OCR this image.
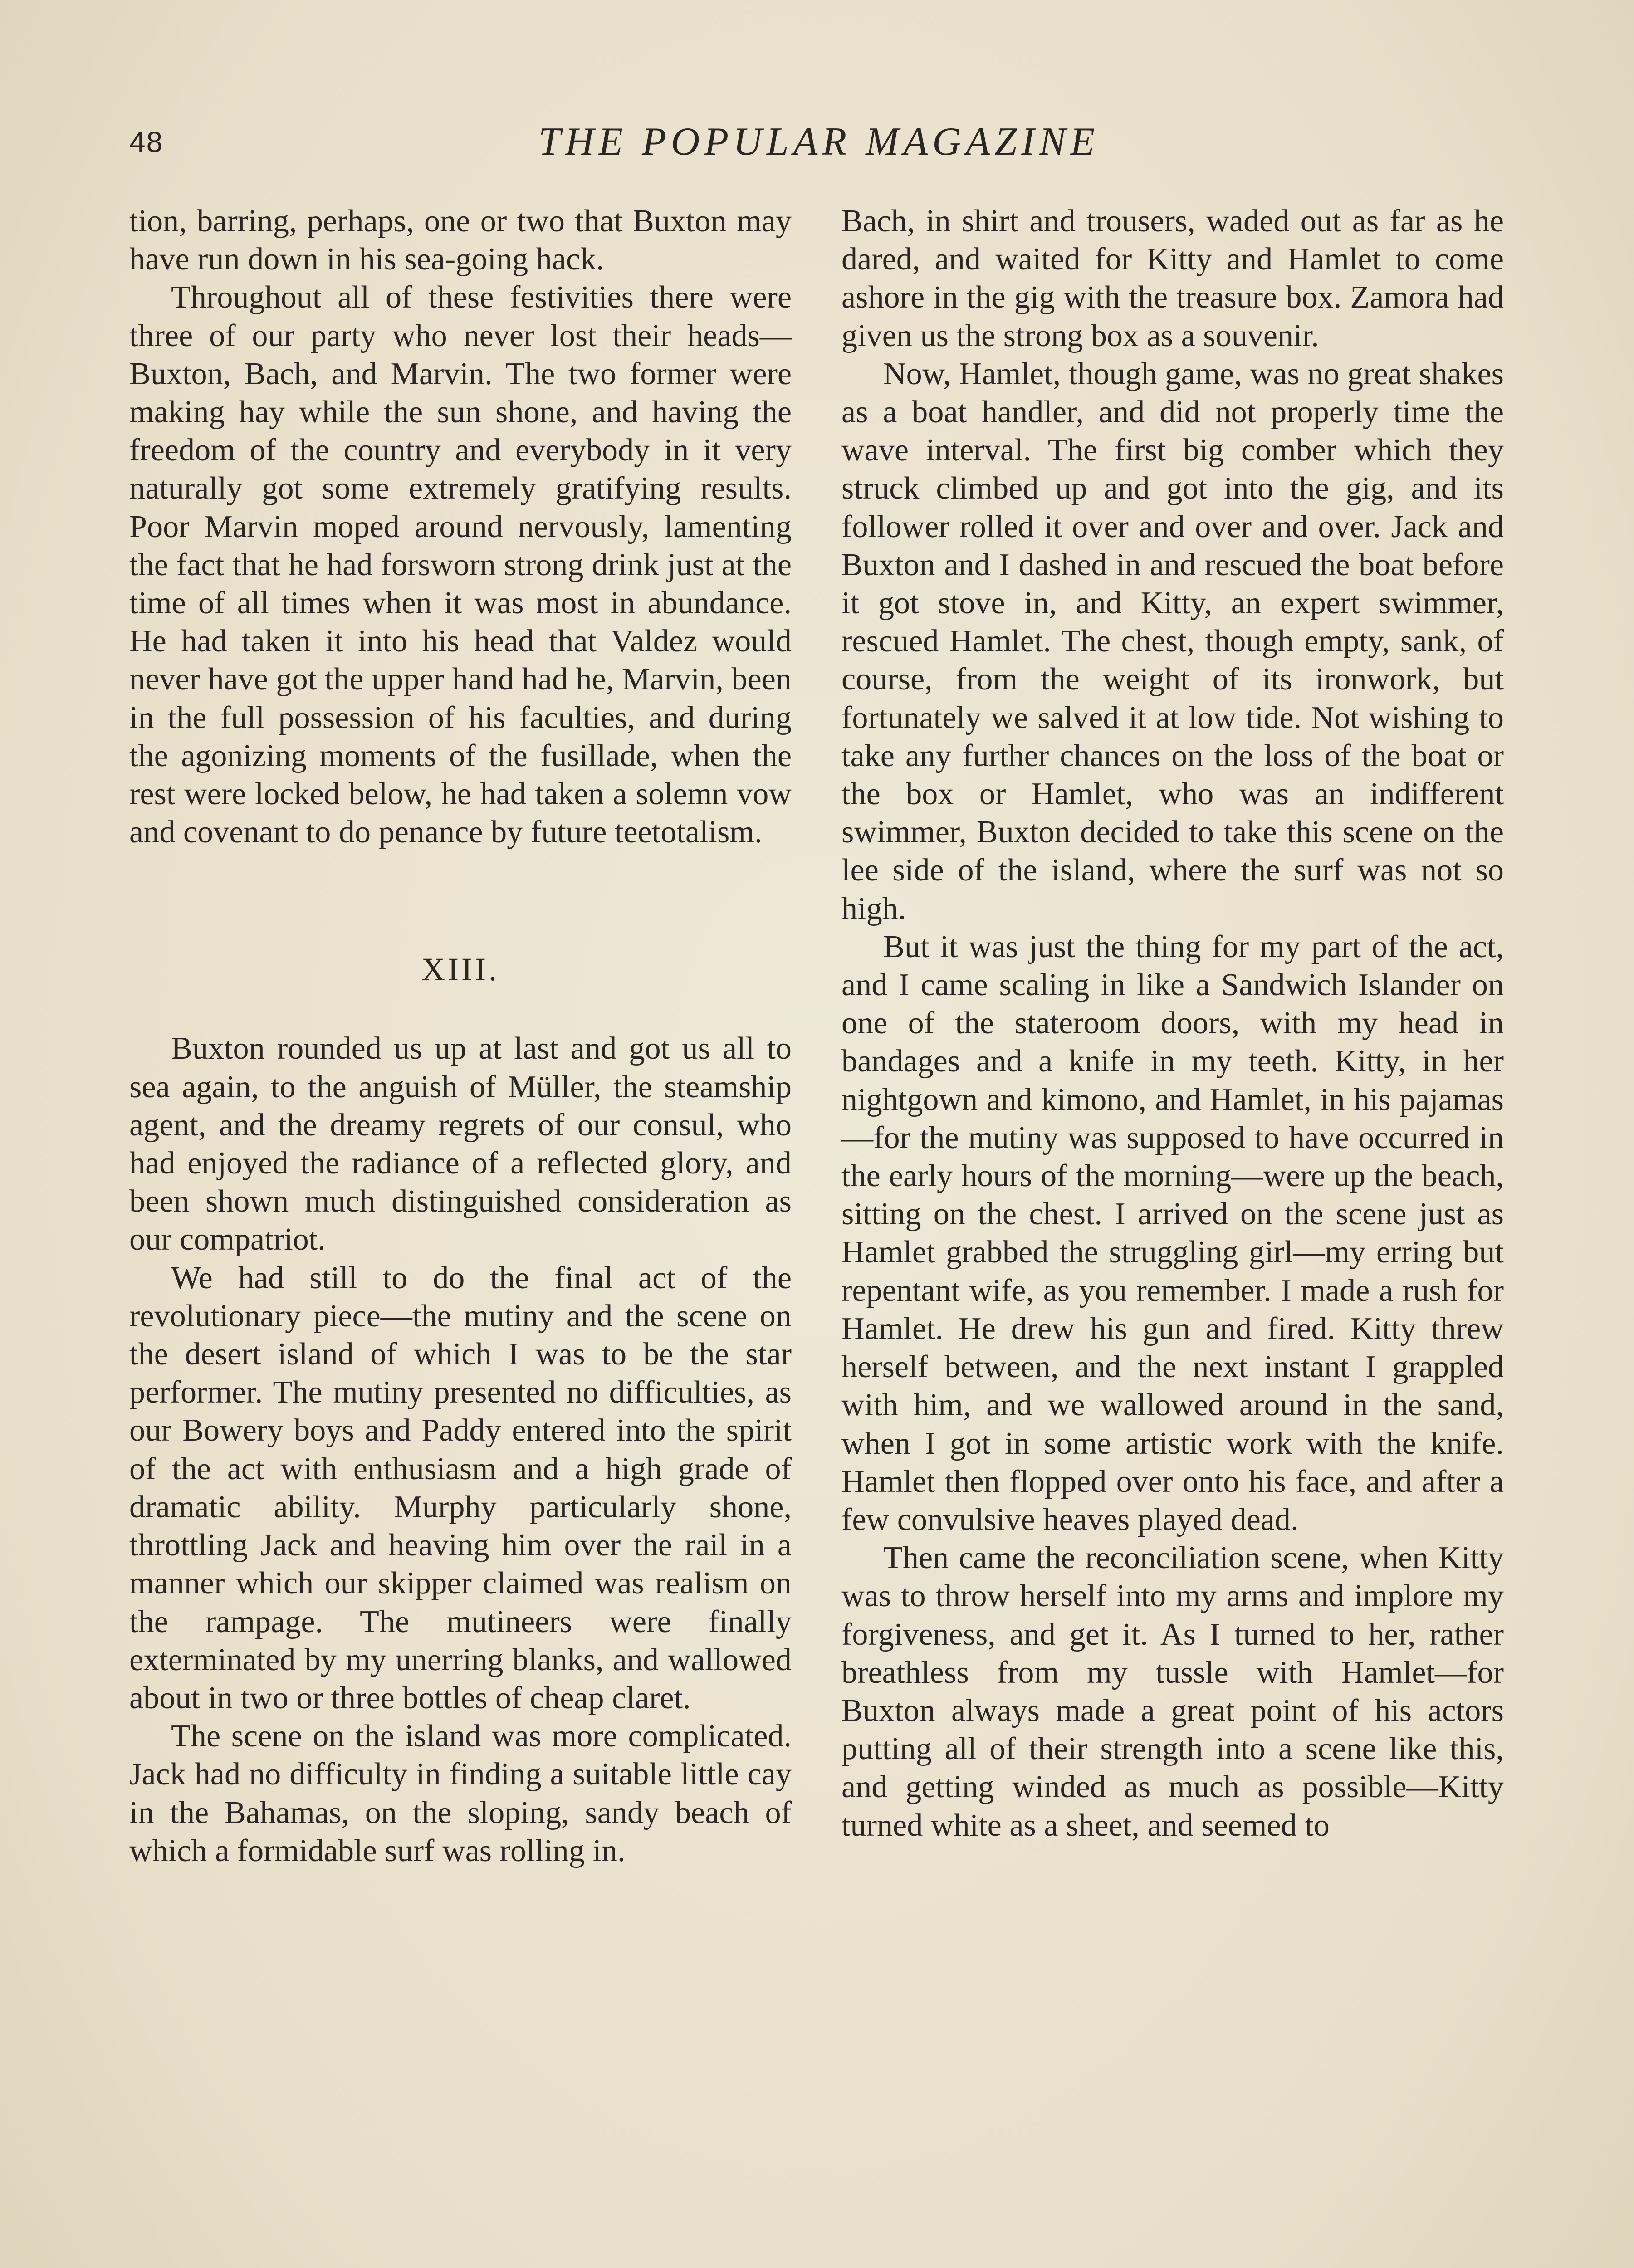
48	THE POPULAR MAGAZINE

tion, barring, perhaps, one or two that Buxton may have run down in his sea-going hack.

Throughout all of these festivities there were three of our party who never lost their heads—Buxton, Bach, and Marvin. The two former were making hay while the sun shone, and having the freedom of the country and everybody in it very naturally got some extremely gratifying results. Poor Marvin moped around nervously, lamenting the fact that he had forsworn strong drink just at the time of all times when it was most in abundance. He had taken it into his head that Valdez would never have got the upper hand had he, Marvin, been in the full possession of his faculties, and during the agonizing moments of the fusillade, when the rest were locked below, he had taken a solemn vow and covenant to do penance by future teetotalism.

XIII.

Buxton rounded us up at last and got us all to sea again, to the anguish of Müller, the steamship agent, and the dreamy regrets of our consul, who had enjoyed the radiance of a reflected glory, and been shown much distinguished consideration as our compatriot.

We had still to do the final act of the revolutionary piece—the mutiny and the scene on the desert island of which I was to be the star performer. The mutiny presented no difficulties, as our Bowery boys and Paddy entered into the spirit of the act with enthusiasm and a high grade of dramatic ability. Murphy particularly shone, throttling Jack and heaving him over the rail in a manner which our skipper claimed was realism on the rampage. The mutineers were finally exterminated by my unerring blanks, and wallowed about in two or three bottles of cheap claret.

The scene on the island was more complicated. Jack had no difficulty in finding a suitable little cay in the Bahamas, on the sloping, sandy beach of which a formidable surf was rolling in.

Bach, in shirt and trousers, waded out as far as he dared, and waited for Kitty and Hamlet to come ashore in the gig with the treasure box. Zamora had given us the strong box as a souvenir.

Now, Hamlet, though game, was no great shakes as a boat handler, and did not properly time the wave interval. The first big comber which they struck climbed up and got into the gig, and its follower rolled it over and over and over. Jack and Buxton and I dashed in and rescued the boat before it got stove in, and Kitty, an expert swimmer, rescued Hamlet. The chest, though empty, sank, of course, from the weight of its ironwork, but fortunately we salved it at low tide. Not wishing to take any further chances on the loss of the boat or the box or Hamlet, who was an indifferent swimmer, Buxton decided to take this scene on the lee side of the island, where the surf was not so high.

But it was just the thing for my part of the act, and I came scaling in like a Sandwich Islander on one of the stateroom doors, with my head in bandages and a knife in my teeth. Kitty, in her nightgown and kimono, and Hamlet, in his pajamas—for the mutiny was supposed to have occurred in the early hours of the morning—were up the beach, sitting on the chest. I arrived on the scene just as Hamlet grabbed the struggling girl—my erring but repentant wife, as you remember. I made a rush for Hamlet. He drew his gun and fired. Kitty threw herself between, and the next instant I grappled with him, and we wallowed around in the sand, when I got in some artistic work with the knife. Hamlet then flopped over onto his face, and after a few convulsive heaves played dead.

Then came the reconciliation scene, when Kitty was to throw herself into my arms and implore my forgiveness, and get it. As I turned to her, rather breathless from my tussle with Hamlet—for Buxton always made a great point of his actors putting all of their strength into a scene like this, and getting winded as much as possible—Kitty turned white as a sheet, and seemed to
